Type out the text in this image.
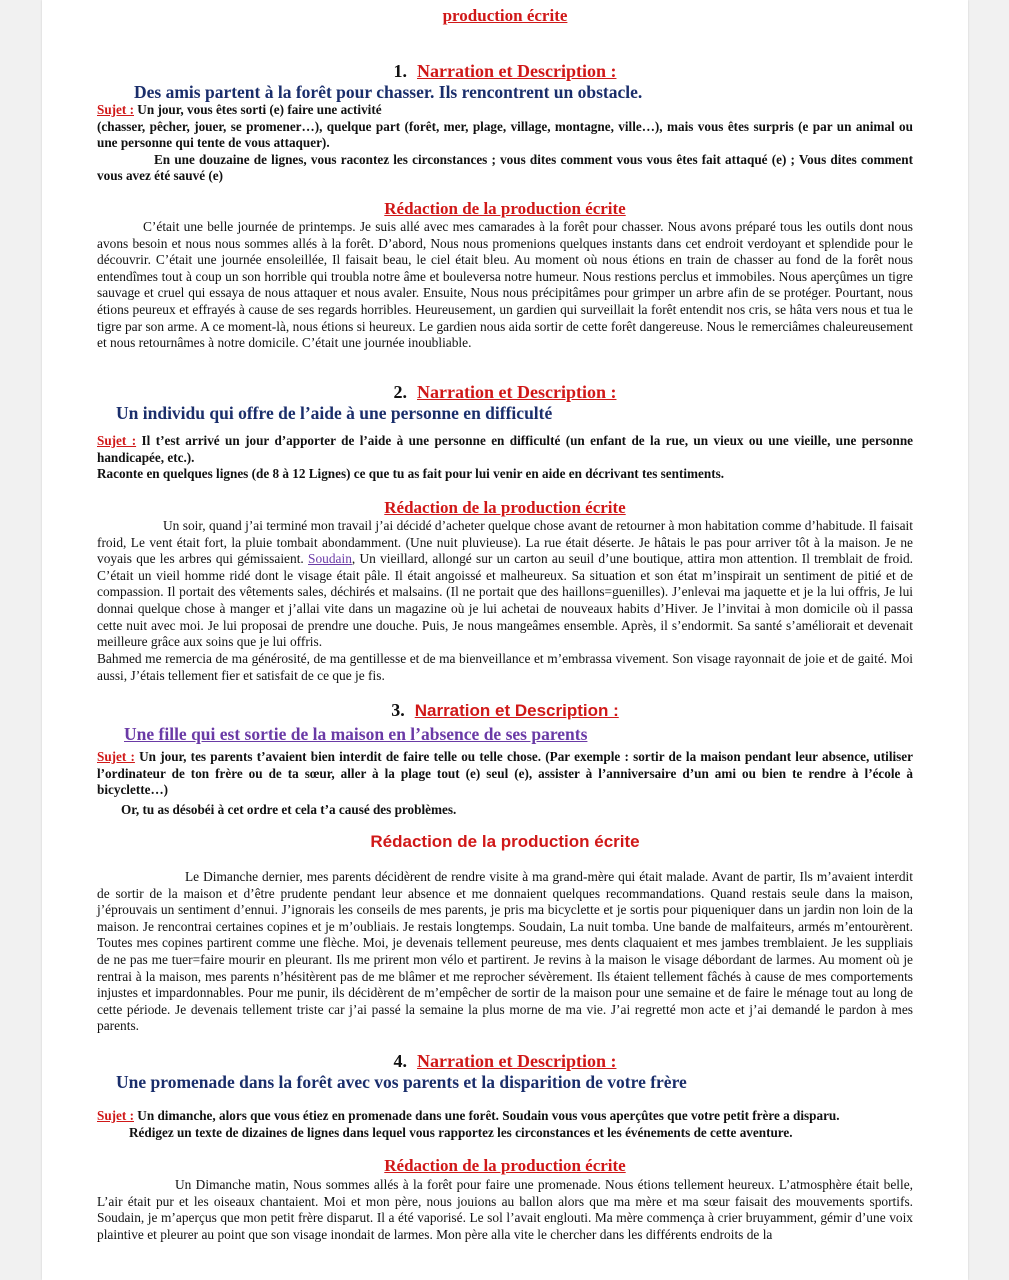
production écrite
1. Narration et Description :
Des amis partent à la forêt pour chasser. Ils rencontrent un obstacle.
Sujet : Un jour, vous êtes sorti (e) faire une activité
(chasser, pêcher, jouer, se promener…), quelque part (forêt, mer, plage, village, montagne, ville…), mais vous êtes surpris (e par un animal ou une personne qui tente de vous attaquer).
En une douzaine de lignes, vous racontez les circonstances ; vous dites comment vous vous êtes fait attaqué (e) ; Vous dites comment vous avez été sauvé (e)
Rédaction de la production écrite
C’était une belle journée de printemps. Je suis allé avec mes camarades à la forêt pour chasser. Nous avons préparé tous les outils dont nous avons besoin et nous nous sommes allés à la forêt. D’abord, Nous nous promenions quelques instants dans cet endroit verdoyant et splendide pour le découvrir. C’était une journée ensoleillée, Il faisait beau, le ciel était bleu. Au moment où nous étions en train de chasser au fond de la forêt nous entendîmes tout à coup un son horrible qui troubla notre âme et bouleversa notre humeur. Nous restions perclus et immobiles. Nous aperçûmes un tigre sauvage et cruel qui essaya de nous attaquer et nous avaler. Ensuite, Nous nous précipitâmes pour grimper un arbre afin de se protéger. Pourtant, nous étions peureux et effrayés à cause de ses regards horribles. Heureusement, un gardien qui surveillait la forêt entendit nos cris, se hâta vers nous et tua le tigre par son arme. A ce moment-là, nous étions si heureux. Le gardien nous aida sortir de cette forêt dangereuse. Nous le remerciâmes chaleureusement et nous retournâmes à notre domicile. C’était une journée inoubliable.
2. Narration et Description :
Un individu qui offre de l’aide à une personne en difficulté
Sujet : Il t’est arrivé un jour d’apporter de l’aide à une personne en difficulté (un enfant de la rue, un vieux ou une vieille, une personne handicapée, etc.).
Raconte en quelques lignes (de 8 à 12 Lignes) ce que tu as fait pour lui venir en aide en décrivant tes sentiments.
Rédaction de la production écrite
Un soir, quand j’ai terminé mon travail j’ai décidé d’acheter quelque chose avant de retourner à mon habitation comme d’habitude. Il faisait froid, Le vent était fort, la pluie tombait abondamment. (Une nuit pluvieuse). La rue était déserte. Je hâtais le pas pour arriver tôt à la maison. Je ne voyais que les arbres qui gémissaient. Soudain, Un vieillard, allongé sur un carton au seuil d’une boutique, attira mon attention. Il tremblait de froid. C’était un vieil homme ridé dont le visage était pâle. Il était angoissé et malheureux. Sa situation et son état m’inspirait un sentiment de pitié et de compassion. Il portait des vêtements sales, déchirés et malsains. (Il ne portait que des haillons=guenilles). J’enlevai ma jaquette et je la lui offris, Je lui donnai quelque chose à manger et j’allai vite dans un magazine où je lui achetai de nouveaux habits d’Hiver. Je l’invitai à mon domicile où il passa cette nuit avec moi. Je lui proposai de prendre une douche. Puis, Je nous mangeâmes ensemble. Après, il s’endormit. Sa santé s’améliorait et devenait meilleure grâce aux soins que je lui offris.
Bahmed me remercia de ma générosité, de ma gentillesse et de ma bienveillance et m’embrassa vivement. Son visage rayonnait de joie et de gaité. Moi aussi, J’étais tellement fier et satisfait de ce que je fis.
3. Narration et Description :
Une fille qui est sortie de la maison en l’absence de ses parents
Sujet : Un jour, tes parents t’avaient bien interdit de faire telle ou telle chose. (Par exemple : sortir de la maison pendant leur absence, utiliser l’ordinateur de ton frère ou de ta sœur, aller à la plage tout (e) seul (e), assister à l’anniversaire d’un ami ou bien te rendre à l’école à bicyclette…)
Or, tu as désobéi à cet ordre et cela t’a causé des problèmes.
Rédaction de la production écrite
Le Dimanche dernier, mes parents décidèrent de rendre visite à ma grand-mère qui était malade. Avant de partir, Ils m’avaient interdit de sortir de la maison et d’être prudente pendant leur absence et me donnaient quelques recommandations. Quand restais seule dans la maison, j’éprouvais un sentiment d’ennui. J’ignorais les conseils de mes parents, je pris ma bicyclette et je sortis pour piqueniquer dans un jardin non loin de la maison. Je rencontrai certaines copines et je m’oubliais. Je restais longtemps. Soudain, La nuit tomba. Une bande de malfaiteurs, armés m’entourèrent. Toutes mes copines partirent comme une flèche. Moi, je devenais tellement peureuse, mes dents claquaient et mes jambes tremblaient. Je les suppliais de ne pas me tuer=faire mourir en pleurant. Ils me prirent mon vélo et partirent. Je revins à la maison le visage débordant de larmes. Au moment où je rentrai à la maison, mes parents n’hésitèrent pas de me blâmer et me reprocher sévèrement. Ils étaient tellement fâchés à cause de mes comportements injustes et impardonnables. Pour me punir, ils décidèrent de m’empêcher de sortir de la maison pour une semaine et de faire le ménage tout au long de cette période. Je devenais tellement triste car j’ai passé la semaine la plus morne de ma vie. J’ai regretté mon acte et j’ai demandé le pardon à mes parents.
4. Narration et Description :
Une promenade dans la forêt avec vos parents et la disparition de votre frère
Sujet : Un dimanche, alors que vous étiez en promenade dans une forêt. Soudain vous vous aperçûtes que votre petit frère a disparu.
Rédigez un texte de dizaines de lignes dans lequel vous rapportez les circonstances et les événements de cette aventure.
Rédaction de la production écrite
Un Dimanche matin, Nous sommes allés à la forêt pour faire une promenade. Nous étions tellement heureux. L’atmosphère était belle, L’air était pur et les oiseaux chantaient. Moi et mon père, nous jouions au ballon alors que ma mère et ma sœur faisait des mouvements sportifs. Soudain, je m’aperçus que mon petit frère disparut. Il a été vaporisé. Le sol l’avait englouti. Ma mère commença à crier bruyamment, gémir d’une voix plaintive et pleurer au point que son visage inondait de larmes. Mon père alla vite le chercher dans les différents endroits de la
